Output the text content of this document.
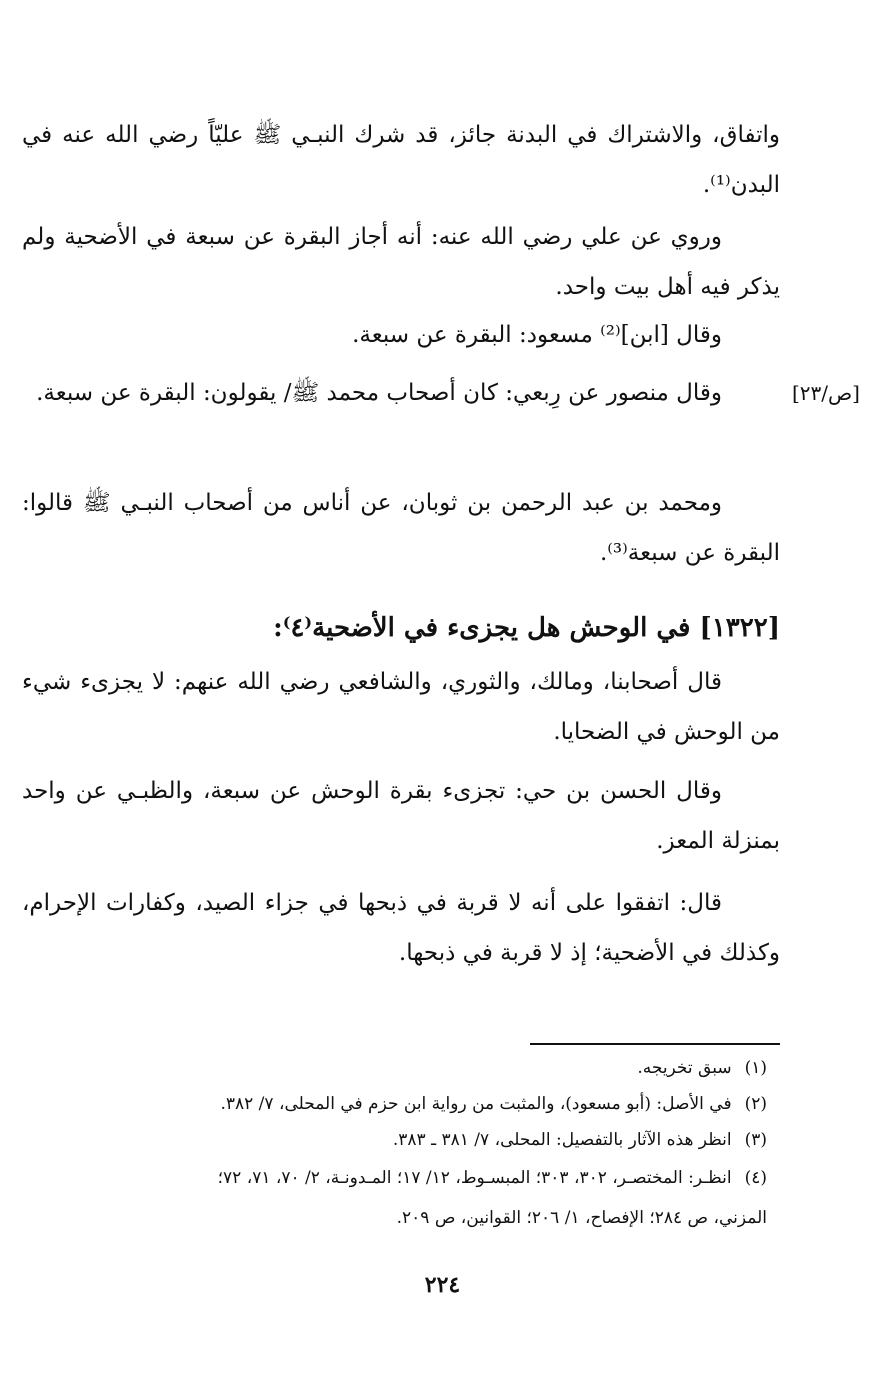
واتفاق، والاشتراك في البدنة جائز، قد شرك النبـي ﷺ عليّاً رضي الله عنه في البدن⁽¹⁾.

وروي عن علي رضي الله عنه: أنه أجاز البقرة عن سبعة في الأضحية ولم يذكر فيه أهل بيت واحد.

وقال [ابن]⁽²⁾ مسعود: البقرة عن سبعة.

[ص/٢٣]

وقال منصور عن رِبعي: كان أصحاب محمد ﷺ/ يقولون: البقرة عن سبعة.

ومحمد بن عبد الرحمن بن ثوبان، عن أناس من أصحاب النبـي ﷺ قالوا: البقرة عن سبعة⁽³⁾.

[١٣٢٢] في الوحش هل يجزىء في الأضحية⁽٤⁾:

قال أصحابنا، ومالك، والثوري، والشافعي رضي الله عنهم: لا يجزىء شيء من الوحش في الضحايا.

وقال الحسن بن حي: تجزىء بقرة الوحش عن سبعة، والظبـي عن واحد بمنزلة المعز.

قال: اتفقوا على أنه لا قربة في ذبحها في جزاء الصيد، وكفارات الإحرام، وكذلك في الأضحية؛ إذ لا قربة في ذبحها.

(١) سبق تخريجه.

(٢) في الأصل: (أبو مسعود)، والمثبت من رواية ابن حزم في المحلى، ٧/ ٣٨٢.

(٣) انظر هذه الآثار بالتفصيل: المحلى، ٧/ ٣٨١ ـ ٣٨٣.

(٤) انظـر: المختصـر، ٣٠٢، ٣٠٣؛ المبسـوط، ١٢/ ١٧؛ المـدونـة، ٢/ ٧٠، ٧١، ٧٢؛

المزني، ص ٢٨٤؛ الإفصاح، ١/ ٢٠٦؛ القوانين، ص ٢٠٩.

٢٢٤
